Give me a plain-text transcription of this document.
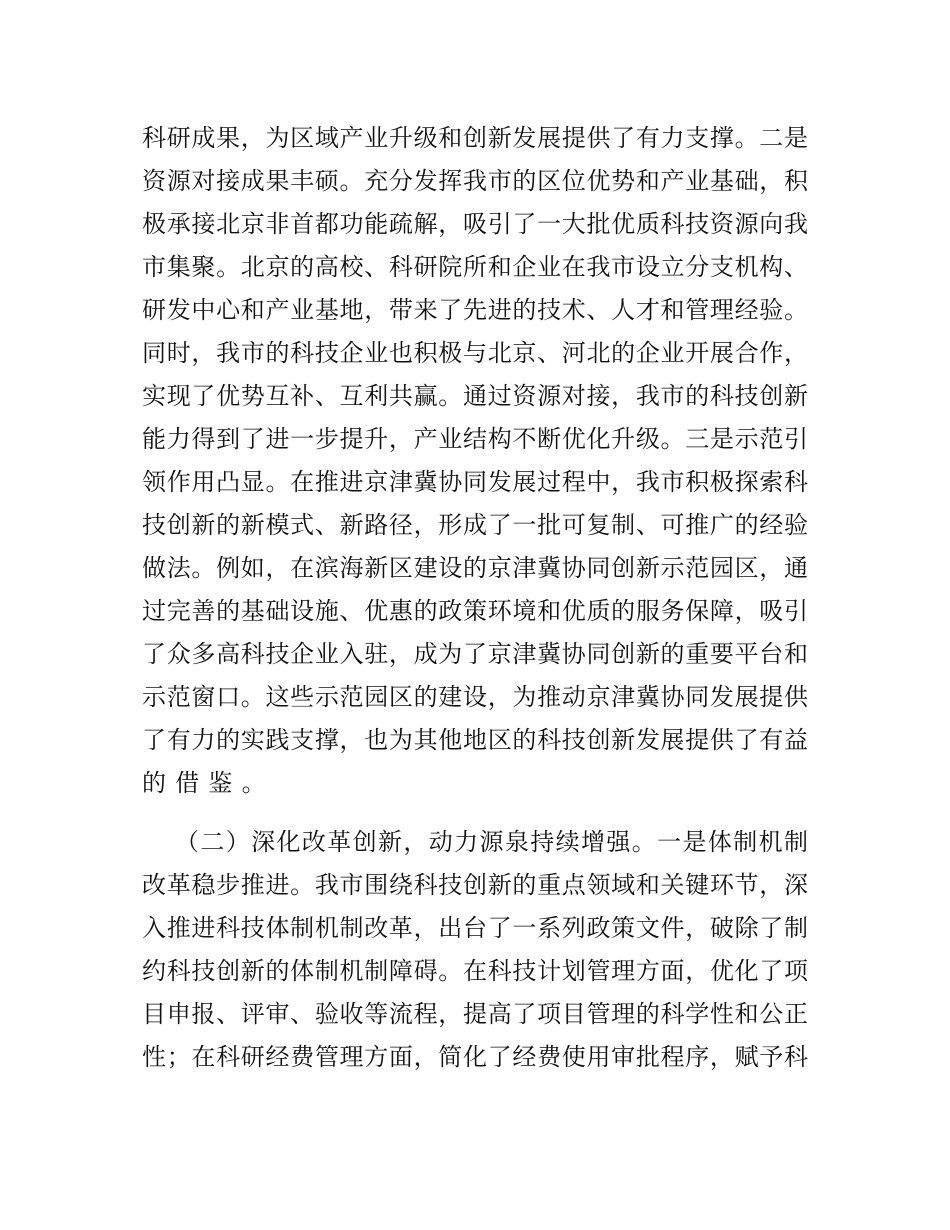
科研成果，为区域产业升级和创新发展提供了有力支撑。二是
资源对接成果丰硕。充分发挥我市的区位优势和产业基础，积
极承接北京非首都功能疏解，吸引了一大批优质科技资源向我
市集聚。北京的高校、科研院所和企业在我市设立分支机构、
研发中心和产业基地，带来了先进的技术、人才和管理经验。
同时，我市的科技企业也积极与北京、河北的企业开展合作，
实现了优势互补、互利共赢。通过资源对接，我市的科技创新
能力得到了进一步提升，产业结构不断优化升级。三是示范引
领作用凸显。在推进京津冀协同发展过程中，我市积极探索科
技创新的新模式、新路径，形成了一批可复制、可推广的经验
做法。例如，在滨海新区建设的京津冀协同创新示范园区，通
过完善的基础设施、优惠的政策环境和优质的服务保障，吸引
了众多高科技企业入驻，成为了京津冀协同创新的重要平台和
示范窗口。这些示范园区的建设，为推动京津冀协同发展提供
了有力的实践支撑，也为其他地区的科技创新发展提供了有益
的借鉴。
（二）深化改革创新，动力源泉持续增强。一是体制机制
改革稳步推进。我市围绕科技创新的重点领域和关键环节，深
入推进科技体制机制改革，出台了一系列政策文件，破除了制
约科技创新的体制机制障碍。在科技计划管理方面，优化了项
目申报、评审、验收等流程，提高了项目管理的科学性和公正
性；在科研经费管理方面，简化了经费使用审批程序，赋予科
